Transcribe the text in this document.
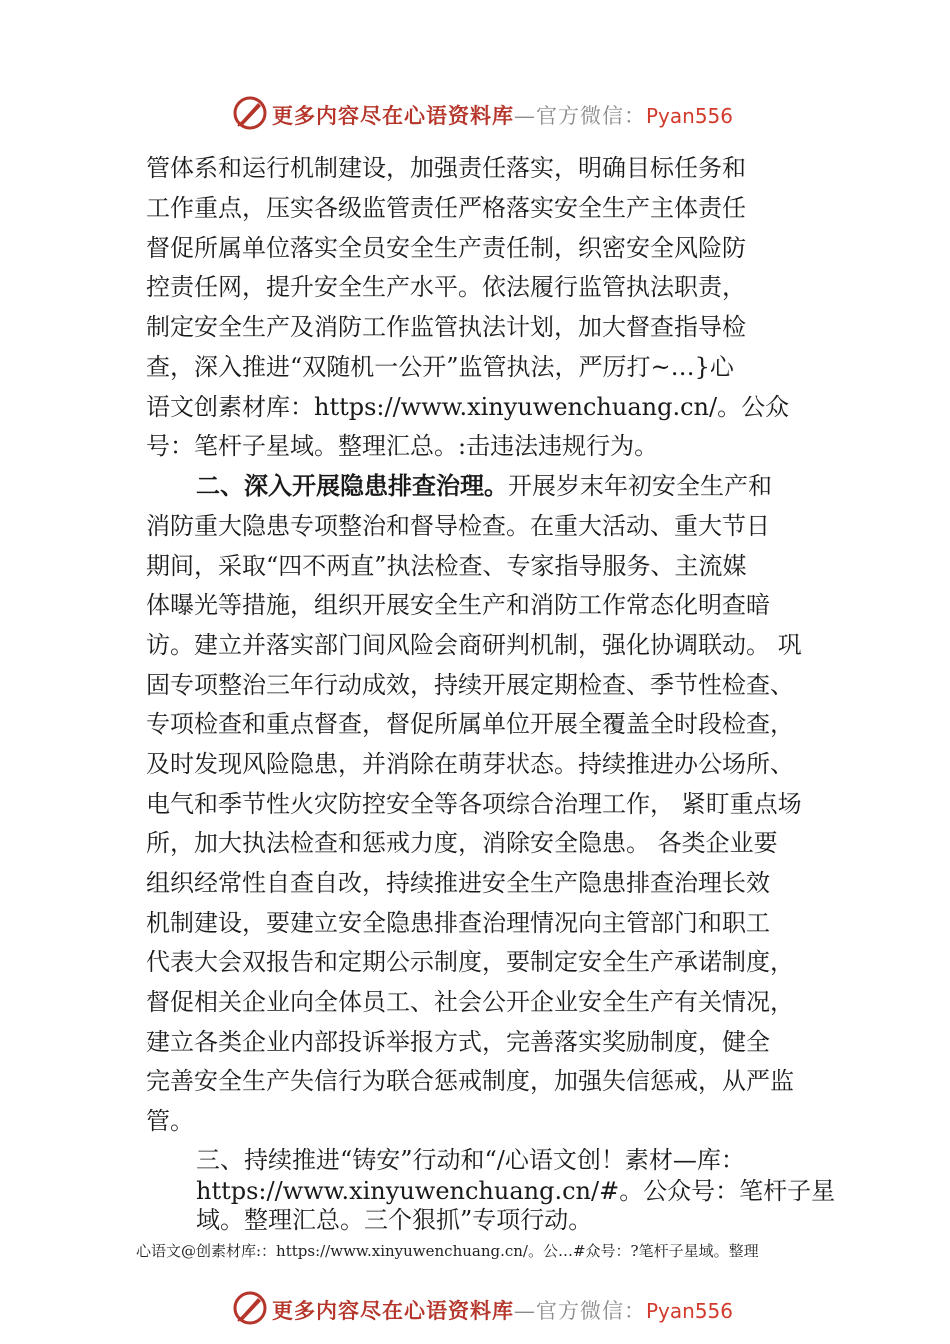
更多内容尽在心语资料库—官方微信：Pyan556
管体系和运行机制建设，加强责任落实，明确目标任务和
工作重点，压实各级监管责任严格落实安全生产主体责任
督促所属单位落实全员安全生产责任制，织密安全风险防
控责任网，提升安全生产水平。依法履行监管执法职责，
制定安全生产及消防工作监管执法计划，加大督查指导检
查，深入推进“双随机一公开”监管执法，严厉打~…}心
语文创素材库：https://www.xinyuwenchuang.cn/。公众
号：笔杆子星域。整理汇总。:击违法违规行为。
二、深入开展隐患排查治理。开展岁末年初安全生产和
消防重大隐患专项整治和督导检查。在重大活动、重大节日
期间，采取“四不两直”执法检查、专家指导服务、主流媒
体曝光等措施，组织开展安全生产和消防工作常态化明查暗
访。建立并落实部门间风险会商研判机制，强化协调联动。 巩
固专项整治三年行动成效，持续开展定期检查、季节性检查、
专项检查和重点督查，督促所属单位开展全覆盖全时段检查，
及时发现风险隐患，并消除在萌芽状态。持续推进办公场所、
电气和季节性火灾防控安全等各项综合治理工作， 紧盯重点场
所，加大执法检查和惩戒力度，消除安全隐患。 各类企业要
组织经常性自查自改，持续推进安全生产隐患排查治理长效
机制建设，要建立安全隐患排查治理情况向主管部门和职工
代表大会双报告和定期公示制度，要制定安全生产承诺制度，
督促相关企业向全体员工、社会公开企业安全生产有关情况，
建立各类企业内部投诉举报方式，完善落实奖励制度，健全
完善安全生产失信行为联合惩戒制度，加强失信惩戒，从严监
管。
三、持续推进“铸安”行动和“/心语文创！素材—库：
https://www.xinyuwenchuang.cn/#。公众号：笔杆子星
域。整理汇总。三个狠抓”专项行动。
心语文@创素材库:：https://www.xinyuwenchuang.cn/。公…#众号：?笔杆子星域。整理
更多内容尽在心语资料库—官方微信：Pyan556
